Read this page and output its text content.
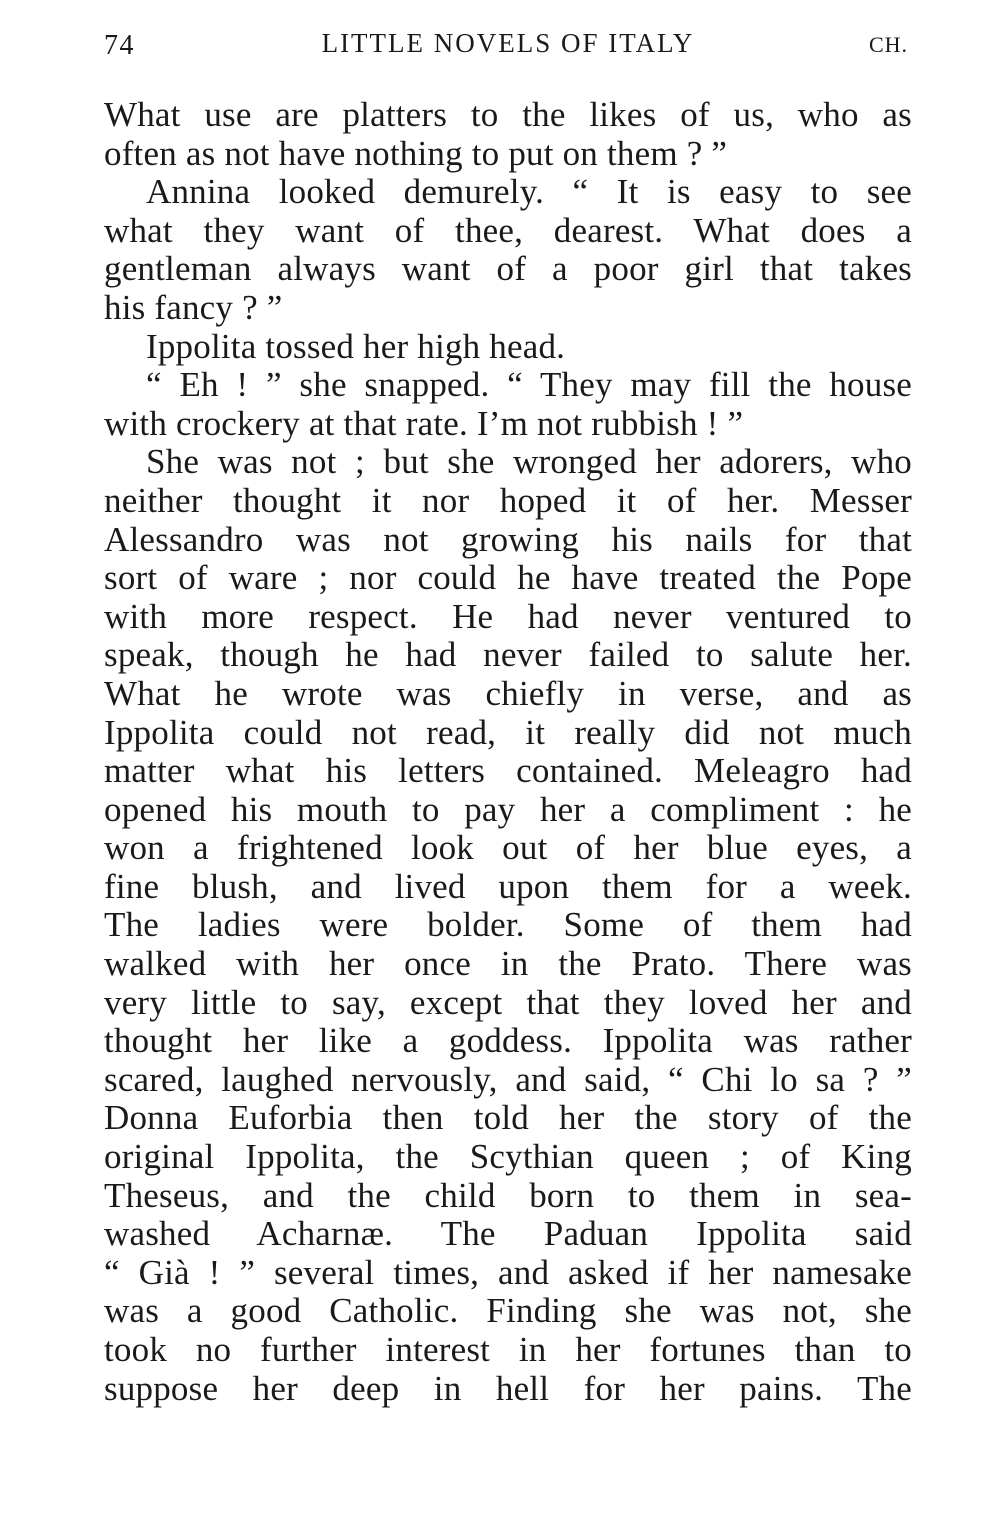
74	LITTLE NOVELS OF ITALY	CH.
What use are platters to the likes of us, who as
often as not have nothing to put on them ? ”
Annina looked demurely. “ It is easy to see
what they want of thee, dearest. What does a
gentleman always want of a poor girl that takes
his fancy ? ”
Ippolita tossed her high head.
“ Eh ! ” she snapped. “ They may fill the house
with crockery at that rate. I’m not rubbish ! ”
She was not ; but she wronged her adorers, who
neither thought it nor hoped it of her. Messer
Alessandro was not growing his nails for that
sort of ware ; nor could he have treated the Pope
with more respect. He had never ventured to
speak, though he had never failed to salute her.
What he wrote was chiefly in verse, and as
Ippolita could not read, it really did not much
matter what his letters contained. Meleagro had
opened his mouth to pay her a compliment : he
won a frightened look out of her blue eyes, a
fine blush, and lived upon them for a week.
The ladies were bolder. Some of them had
walked with her once in the Prato. There was
very little to say, except that they loved her and
thought her like a goddess. Ippolita was rather
scared, laughed nervously, and said, “ Chi lo sa ? ”
Donna Euforbia then told her the story of the
original Ippolita, the Scythian queen ; of King
Theseus, and the child born to them in sea-
washed Acharnæ. The Paduan Ippolita said
“ Già ! ” several times, and asked if her namesake
was a good Catholic. Finding she was not, she
took no further interest in her fortunes than to
suppose her deep in hell for her pains. The
